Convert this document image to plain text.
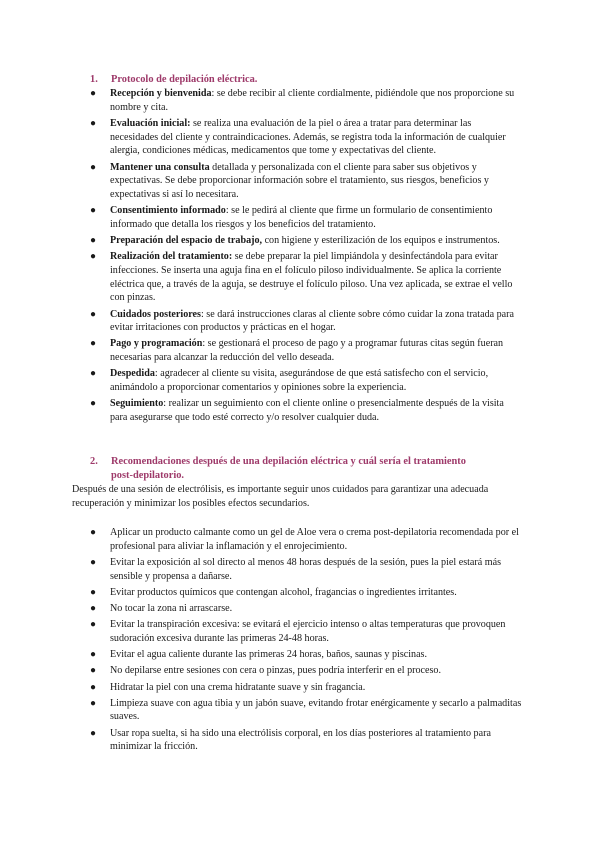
1.	Protocolo de depilación eléctrica.
● Recepción y bienvenida: se debe recibir al cliente cordialmente, pidiéndole que nos proporcione su nombre y cita.
● Evaluación inicial: se realiza una evaluación de la piel o área a tratar para determinar las necesidades del cliente y contraindicaciones. Además, se registra toda la información de cualquier alergia, condiciones médicas, medicamentos que tome y expectativas del cliente.
● Mantener una consulta detallada y personalizada con el cliente para saber sus objetivos y expectativas. Se debe proporcionar información sobre el tratamiento, sus riesgos, beneficios y expectativas si así lo necesitara.
● Consentimiento informado: se le pedirá al cliente que firme un formulario de consentimiento informado que detalla los riesgos y los beneficios del tratamiento.
● Preparación del espacio de trabajo, con higiene y esterilización de los equipos e instrumentos.
● Realización del tratamiento: se debe preparar la piel limpiándola y desinfectándola para evitar infecciones. Se inserta una aguja fina en el folículo piloso individualmente. Se aplica la corriente eléctrica que, a través de la aguja, se destruye el folículo piloso. Una vez aplicada, se extrae el vello con pinzas.
● Cuidados posteriores: se dará instrucciones claras al cliente sobre cómo cuidar la zona tratada para evitar irritaciones con productos y prácticas en el hogar.
● Pago y programación: se gestionará el proceso de pago y a programar futuras citas según fueran necesarias para alcanzar la reducción del vello deseada.
● Despedida: agradecer al cliente su visita, asegurándose de que está satisfecho con el servicio, animándolo a proporcionar comentarios y opiniones sobre la experiencia.
● Seguimiento: realizar un seguimiento con el cliente online o presencialmente después de la visita para asegurarse que todo esté correcto y/o resolver cualquier duda.
2.	Recomendaciones después de una depilación eléctrica y cuál sería el tratamiento
post-depilatorio.
Después de una sesión de electrólisis, es importante seguir unos cuidados para garantizar una adecuada recuperación y minimizar los posibles efectos secundarios.
● Aplicar un producto calmante como un gel de Aloe vera o crema post-depilatoria recomendada por el profesional para aliviar la inflamación y el enrojecimiento.
● Evitar la exposición al sol directo al menos 48 horas después de la sesión, pues la piel estará más sensible y propensa a dañarse.
● Evitar productos químicos que contengan alcohol, fragancias o ingredientes irritantes.
● No tocar la zona ni arrascarse.
● Evitar la transpiración excesiva: se evitará el ejercicio intenso o altas temperaturas que provoquen sudoración excesiva durante las primeras 24-48 horas.
● Evitar el agua caliente durante las primeras 24 horas, baños, saunas y piscinas.
● No depilarse entre sesiones con cera o pinzas, pues podría interferir en el proceso.
● Hidratar la piel con una crema hidratante suave y sin fragancia.
● Limpieza suave con agua tibia y un jabón suave, evitando frotar enérgicamente y secarlo a palmaditas suaves.
● Usar ropa suelta, si ha sido una electrólisis corporal, en los días posteriores al tratamiento para minimizar la fricción.
